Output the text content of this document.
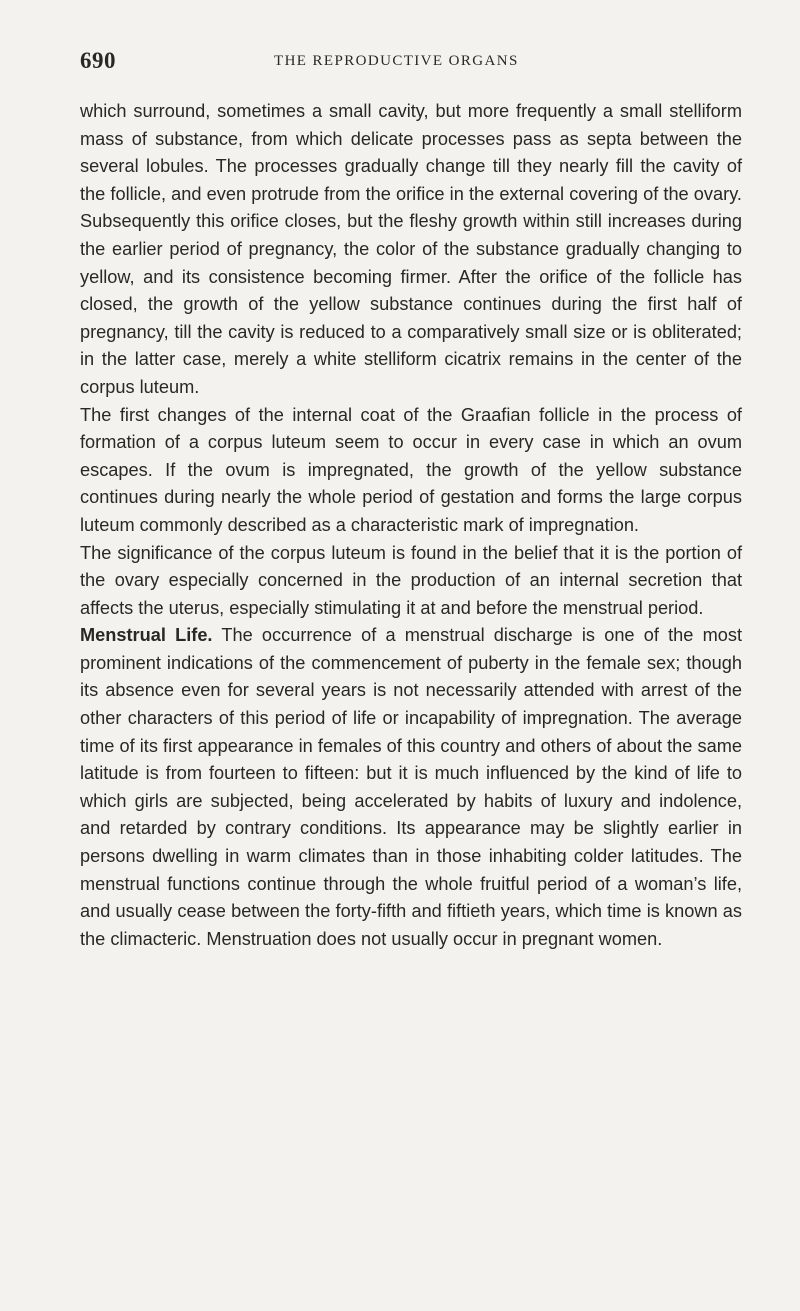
690	THE REPRODUCTIVE ORGANS

which surround, sometimes a small cavity, but more frequently a small stelliform mass of substance, from which delicate processes pass as septa between the several lobules. The processes gradually change till they nearly fill the cavity of the follicle, and even protrude from the orifice in the external covering of the ovary. Subsequently this orifice closes, but the fleshy growth within still increases during the earlier period of pregnancy, the color of the substance gradually changing to yellow, and its consistence becoming firmer. After the orifice of the follicle has closed, the growth of the yellow substance continues during the first half of pregnancy, till the cavity is reduced to a comparatively small size or is obliterated; in the latter case, merely a white stelliform cicatrix remains in the center of the corpus luteum.

The first changes of the internal coat of the Graafian follicle in the process of formation of a corpus luteum seem to occur in every case in which an ovum escapes. If the ovum is impregnated, the growth of the yellow substance continues during nearly the whole period of gestation and forms the large corpus luteum commonly described as a characteristic mark of impregnation.

The significance of the corpus luteum is found in the belief that it is the portion of the ovary especially concerned in the production of an internal secretion that affects the uterus, especially stimulating it at and before the menstrual period.

Menstrual Life. The occurrence of a menstrual discharge is one of the most prominent indications of the commencement of puberty in the female sex; though its absence even for several years is not necessarily attended with arrest of the other characters of this period of life or incapability of impregnation. The average time of its first appearance in females of this country and others of about the same latitude is from fourteen to fifteen: but it is much influenced by the kind of life to which girls are subjected, being accelerated by habits of luxury and indolence, and retarded by contrary conditions. Its appearance may be slightly earlier in persons dwelling in warm climates than in those inhabiting colder latitudes. The menstrual functions continue through the whole fruitful period of a woman’s life, and usually cease between the forty-fifth and fiftieth years, which time is known as the climacteric. Menstruation does not usually occur in pregnant women.
